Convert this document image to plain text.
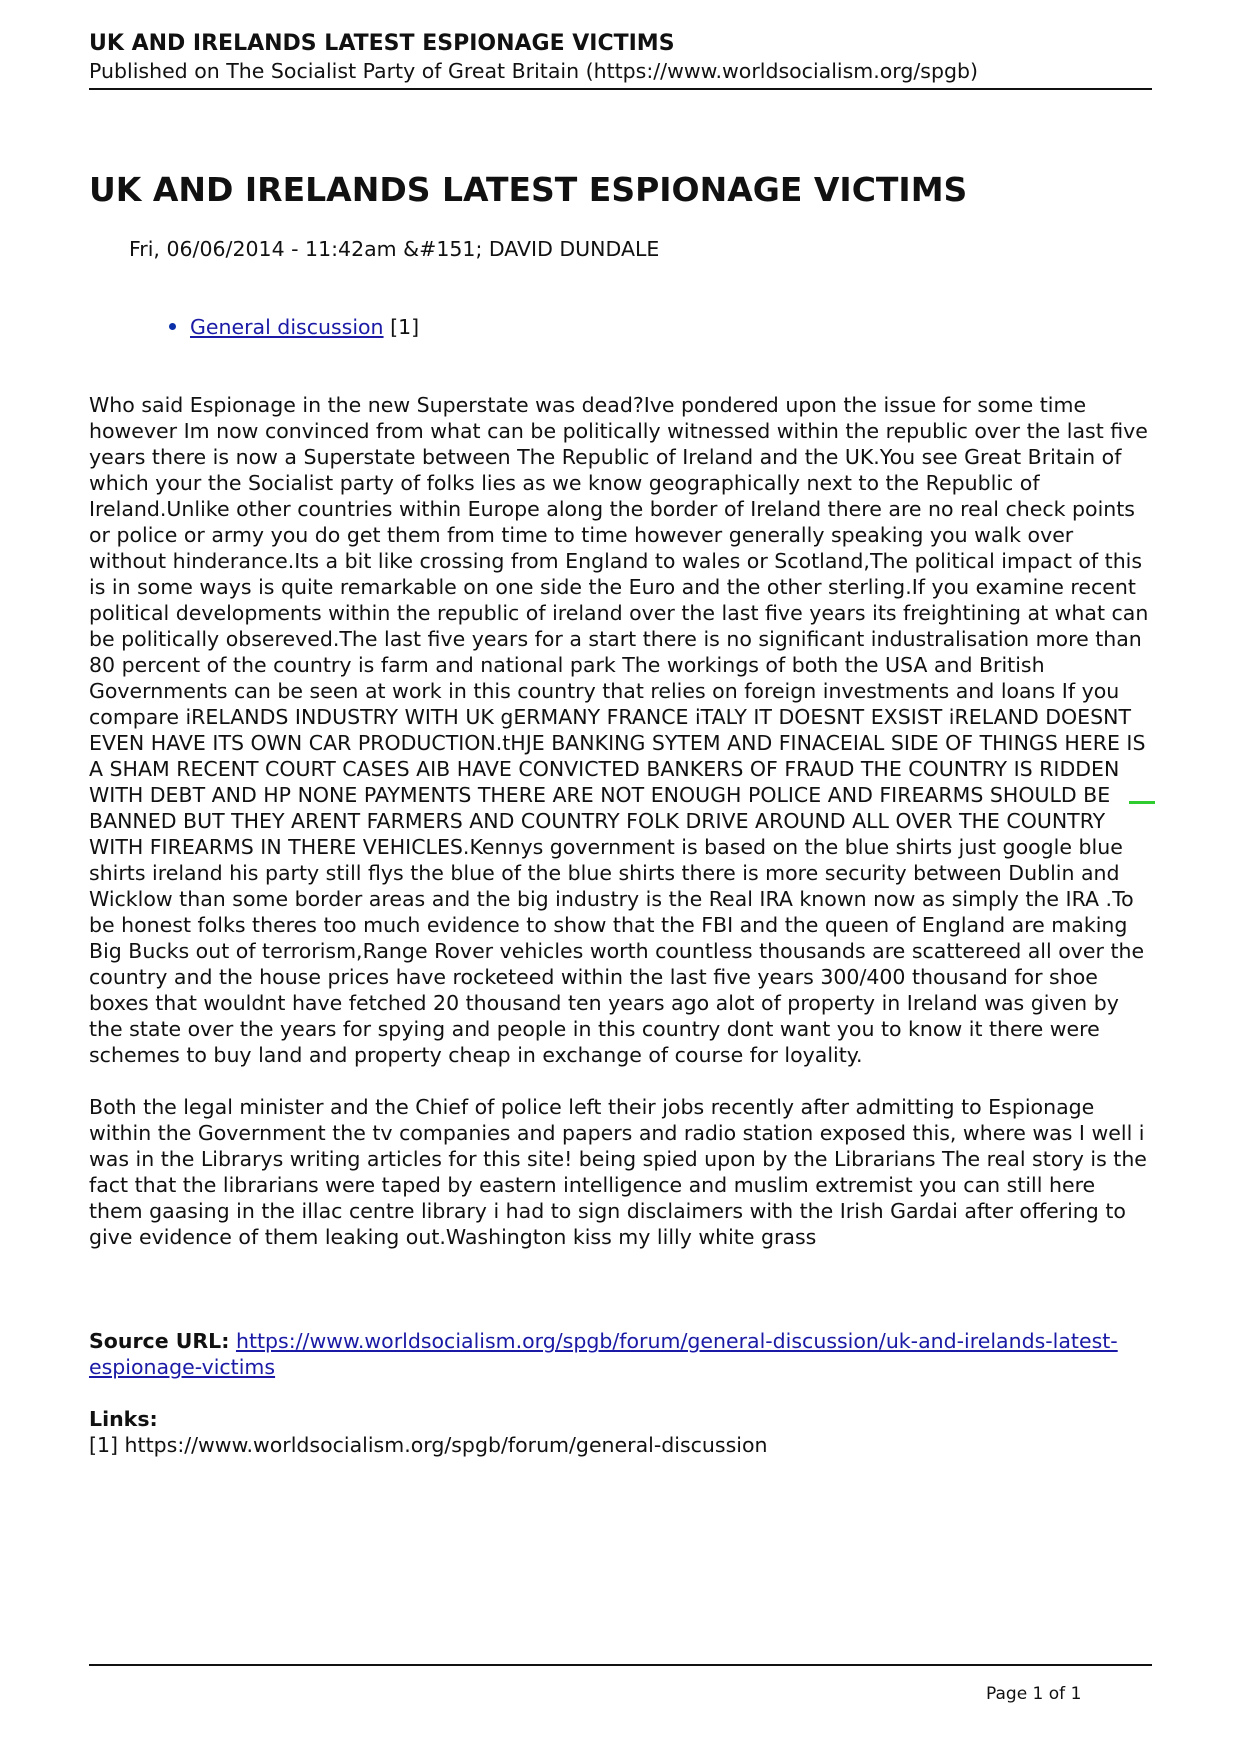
UK AND IRELANDS LATEST ESPIONAGE VICTIMS

Published on The Socialist Party of Great Britain (https://www.worldsocialism.org/spgb)

UK AND IRELANDS LATEST ESPIONAGE VICTIMS
Fri, 06/06/2014 - 11:42am &#151; DAVID DUNDALE
General discussion [1]

Who said Espionage in the new Superstate was dead?Ive pondered upon the issue for some time however Im now convinced from what can be politically witnessed within the republic over the last five years there is now a Superstate between The Republic of Ireland and the UK.You see Great Britain of which your the Socialist party of folks lies as we know geographically next to the Republic of Ireland.Unlike other countries within Europe along the border of Ireland there are no real check points or police or army you do get them from time to time however generally speaking you walk over without hinderance.Its a bit like crossing from England to wales or Scotland,The political impact of this is in some ways is quite remarkable on one side the Euro and the other sterling.If you examine recent political developments within the republic of ireland over the last five years its freightining at what can be politically obsereved.The last five years for a start there is no significant industralisation more than 80 percent of the country is farm and national park The workings of both the USA and British Governments can be seen at work in this country that relies on foreign investments and loans If you compare iRELANDS INDUSTRY WITH UK gERMANY FRANCE iTALY IT DOESNT EXSIST iRELAND DOESNT EVEN HAVE ITS OWN CAR PRODUCTION.tHJE BANKING SYTEM AND FINACEIAL SIDE OF THINGS HERE IS A SHAM RECENT COURT CASES AIB HAVE CONVICTED BANKERS OF FRAUD THE COUNTRY IS RIDDEN WITH DEBT AND HP NONE PAYMENTS THERE ARE NOT ENOUGH POLICE AND FIREARMS SHOULD BE BANNED BUT THEY ARENT FARMERS AND COUNTRY FOLK DRIVE AROUND ALL OVER THE COUNTRY WITH FIREARMS IN THERE VEHICLES.Kennys government is based on the blue shirts just google blue shirts ireland his party still flys the blue of the blue shirts there is more security between Dublin and Wicklow than some border areas and the big industry is the Real IRA known now as simply the IRA .To be honest folks theres too much evidence to show that the FBI and the queen of England are making Big Bucks out of terrorism,Range Rover vehicles worth countless thousands are scattereed all over the country and the house prices have rocketeed within the last five years 300/400 thousand for shoe boxes that wouldnt have fetched 20 thousand ten years ago alot of property in Ireland was given by the state over the years for spying and people in this country dont want you to know it there were schemes to buy land and property cheap in exchange of course for loyality.

Both the legal minister and the Chief of police left their jobs recently after admitting to Espionage within the Government the tv companies and papers and radio station exposed this, where was I well i was in the Librarys writing articles for this site! being spied upon by the Librarians The real story is the fact that the librarians were taped by eastern intelligence and muslim extremist you can still here them gaasing in the illac centre library i had to sign disclaimers with the Irish Gardai after offering to give evidence of them leaking out.Washington kiss my lilly white grass

Source URL: https://www.worldsocialism.org/spgb/forum/general-discussion/uk-and-irelands-latest-espionage-victims
Links:
[1] https://www.worldsocialism.org/spgb/forum/general-discussion
Page 1 of 1
